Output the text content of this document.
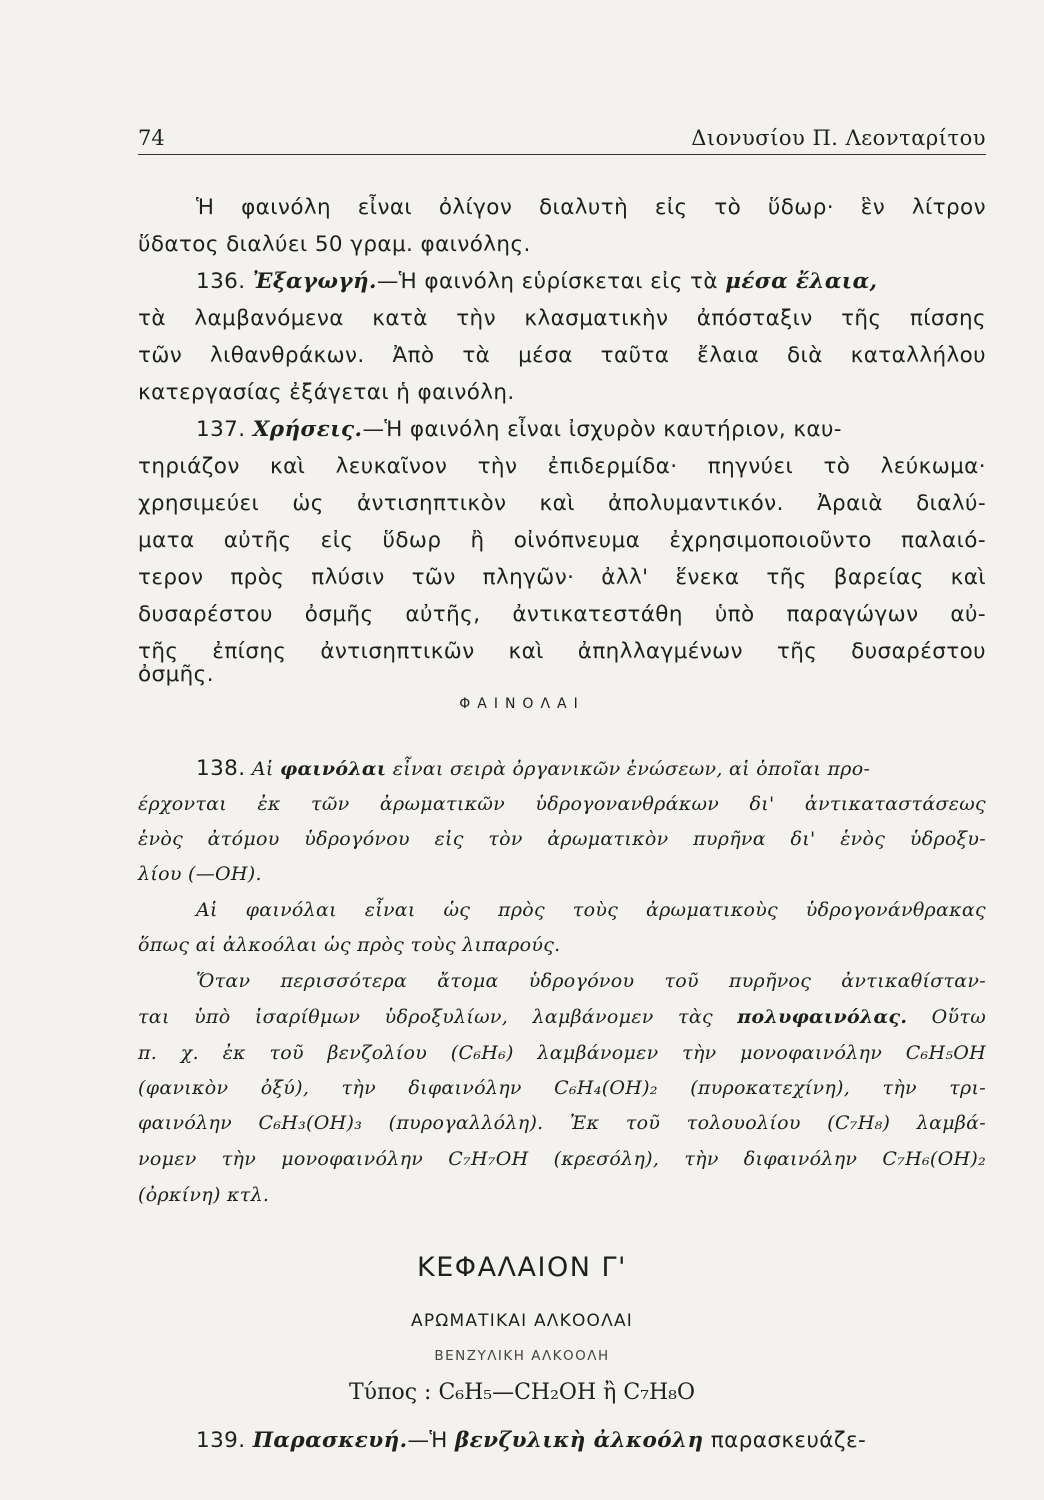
74	Διονυσίου Π. Λεονταρίτου
Ἡ φαινόλη εἶναι ὀλίγον διαλυτὴ εἰς τὸ ὕδωρ· ἓν λίτρον
ὕδατος διαλύει 50 γραμ. φαινόλης.
136. Ἐξαγωγή.—Ἡ φαινόλη εὑρίσκεται εἰς τὰ μέσα ἔλαια,
τὰ λαμβανόμενα κατὰ τὴν κλασματικὴν ἀπόσταξιν τῆς πίσσης
τῶν λιθανθράκων. Ἀπὸ τὰ μέσα ταῦτα ἔλαια διὰ καταλλήλου
κατεργασίας ἐξάγεται ἡ φαινόλη.
137. Χρήσεις.—Ἡ φαινόλη εἶναι ἰσχυρὸν καυτήριον, καυ-
τηριάζον καὶ λευκαῖνον τὴν ἐπιδερμίδα· πηγνύει τὸ λεύκωμα·
χρησιμεύει ὡς ἀντισηπτικὸν καὶ ἀπολυμαντικόν. Ἀραιὰ διαλύ-
ματα αὐτῆς εἰς ὕδωρ ἢ οἰνόπνευμα ἐχρησιμοποιοῦντο παλαιό-
τερον πρὸς πλύσιν τῶν πληγῶν· ἀλλ' ἕνεκα τῆς βαρείας καὶ
δυσαρέστου ὀσμῆς αὐτῆς, ἀντικατεστάθη ὑπὸ παραγώγων αὐ-
τῆς ἐπίσης ἀντισηπτικῶν καὶ ἀπηλλαγμένων τῆς δυσαρέστου
ὀσμῆς.
ΦΑΙΝΟΛΑΙ
138. Αἱ φαινόλαι εἶναι σειρὰ ὀργανικῶν ἑνώσεων, αἱ ὁποῖαι προ-
έρχονται ἐκ τῶν ἀρωματικῶν ὑδρογονανθράκων δι' ἀντικαταστάσεως
ἑνὸς ἀτόμου ὑδρογόνου εἰς τὸν ἀρωματικὸν πυρῆνα δι' ἑνὸς ὑδροξυ-
λίου (—ΟΗ).
Αἱ φαινόλαι εἶναι ὡς πρὸς τοὺς ἀρωματικοὺς ὑδρογονάνθρακας
ὅπως αἱ ἀλκοόλαι ὡς πρὸς τοὺς λιπαρούς.
Ὅταν περισσότερα ἄτομα ὑδρογόνου τοῦ πυρῆνος ἀντικαθίσταν-
ται ὑπὸ ἰσαρίθμων ὑδροξυλίων, λαμβάνομεν τὰς πολυφαινόλας. Οὕτω
π. χ. ἐκ τοῦ βενζολίου (C₆H₆) λαμβάνομεν τὴν μονοφαινόλην C₆H₅OH
(φανικὸν ὀξύ), τὴν διφαινόλην C₆H₄(OH)₂ (πυροκατεχίνη), τὴν τρι-
φαινόλην C₆H₃(OH)₃ (πυρογαλλόλη). Ἐκ τοῦ τολουολίου (C₇H₈) λαμβά-
νομεν τὴν μονοφαινόλην C₇H₇OH (κρεσόλη), τὴν διφαινόλην C₇H₆(OH)₂
(ὀρκίνη) κτλ.
ΚΕΦΑΛΑΙΟΝ Γ'
ΑΡΩΜΑΤΙΚΑΙ ΑΛΚΟΟΛΑΙ
ΒΕΝΖΥΛΙΚΗ ΑΛΚΟΟΛΗ
Τύπος : C₆H₅—CH₂OH ἢ C₇H₈O
139. Παρασκευή.—Ἡ βενζυλικὴ ἀλκοόλη παρασκευάζε-
